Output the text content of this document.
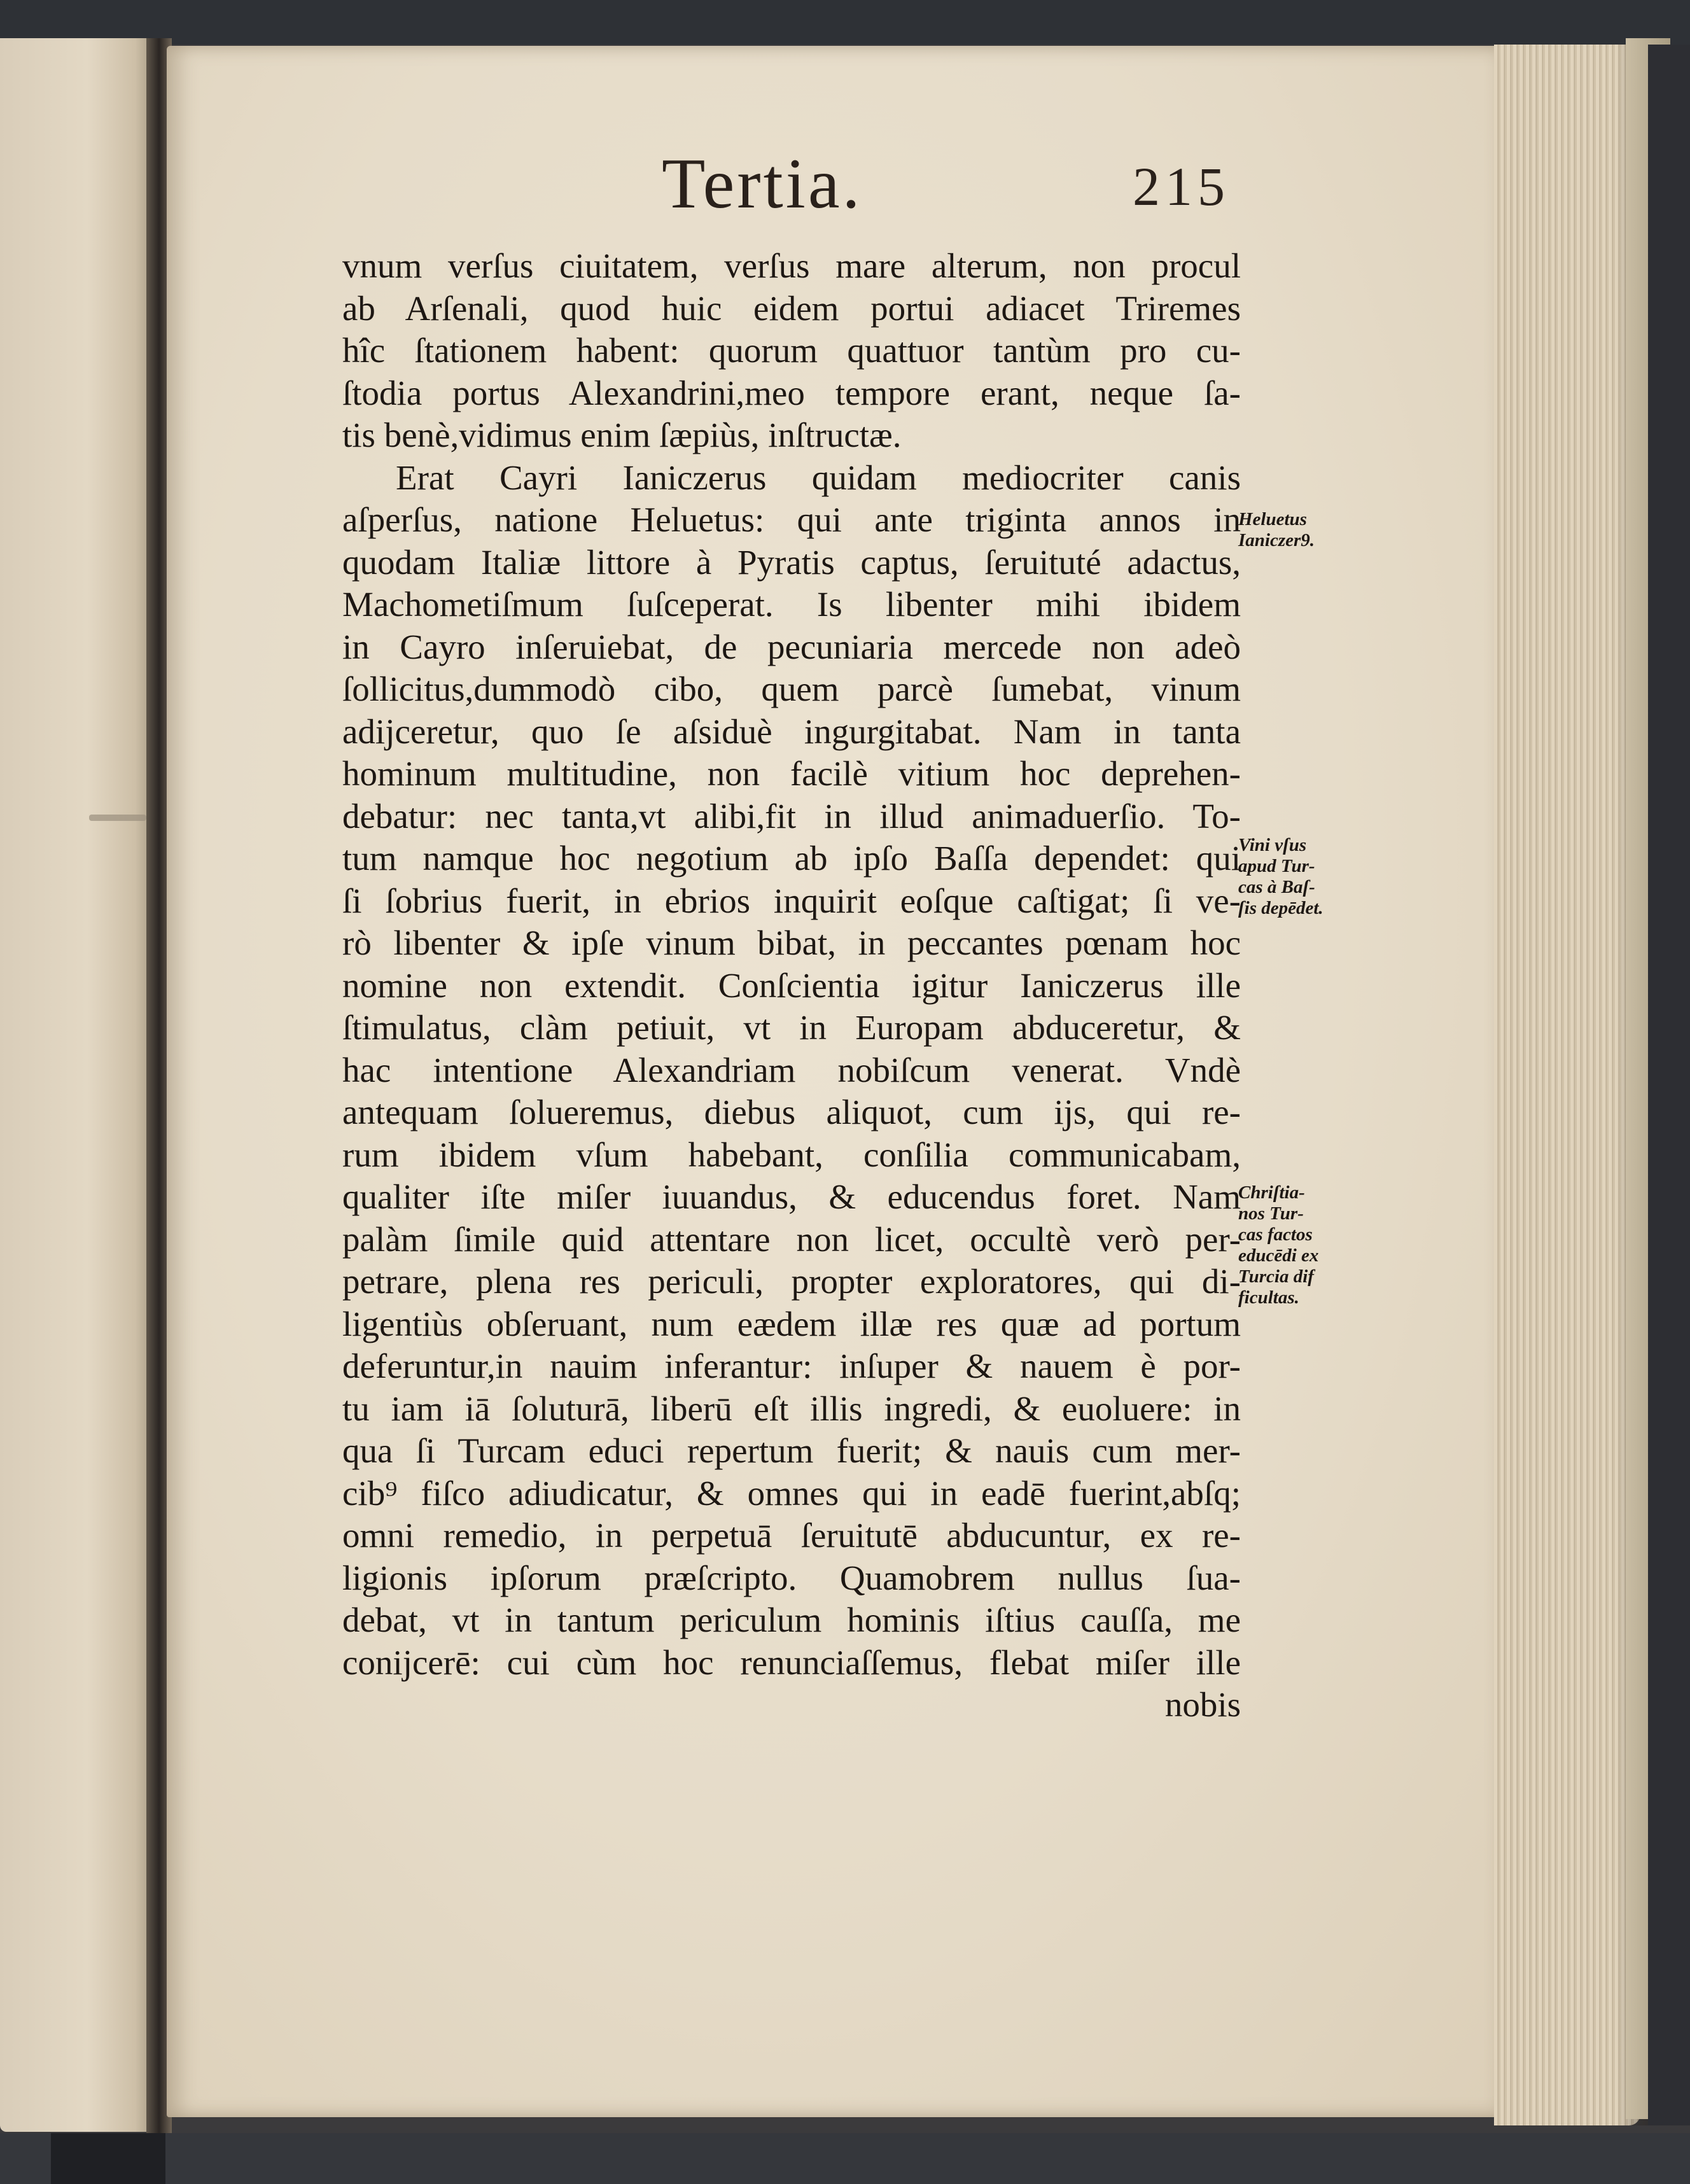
Tertia.	215
vnum verſus ciuitatem, verſus mare alterum, non procul
ab Arſenali, quod huic eidem portui adiacet Triremes
hîc ſtationem habent: quorum quattuor tantùm pro cu-
ſtodia portus Alexandrini,meo tempore erant, neque ſa-
tis benè,vidimus enim ſæpiùs, inſtructæ.
Erat Cayri Ianiczerus quidam mediocriter canis
aſperſus, natione Heluetus: qui ante triginta annos in
quodam Italiæ littore à Pyratis captus, ſeruituté adactus,
Machometiſmum ſuſceperat. Is libenter mihi ibidem
in Cayro inſeruiebat, de pecuniaria mercede non adeò
ſollicitus,dummodò cibo, quem parcè ſumebat, vinum
adijceretur, quo ſe aſsiduè ingurgitabat. Nam in tanta
hominum multitudine, non facilè vitium hoc deprehen-
debatur: nec tanta,vt alibi,fit in illud animaduerſio. To-
tum namque hoc negotium ab ipſo Baſſa dependet: qui
ſi ſobrius fuerit, in ebrios inquirit eoſque caſtigat; ſi ve-
rò libenter & ipſe vinum bibat, in peccantes pœnam hoc
nomine non extendit. Conſcientia igitur Ianiczerus ille
ſtimulatus, clàm petiuit, vt in Europam abduceretur, &
hac intentione Alexandriam nobiſcum venerat. Vndè
antequam ſolueremus, diebus aliquot, cum ijs, qui re-
rum ibidem vſum habebant, conſilia communicabam,
qualiter iſte miſer iuuandus, & educendus foret. Nam
palàm ſimile quid attentare non licet, occultè verò per-
petrare, plena res periculi, propter exploratores, qui di-
ligentiùs obſeruant, num eædem illæ res quæ ad portum
deferuntur,in nauim inferantur: inſuper & nauem è por-
tu iam iā ſoluturā, liberū eſt illis ingredi, & euoluere: in
qua ſi Turcam educi repertum fuerit; & nauis cum mer-
cib⁹ fiſco adiudicatur, & omnes qui in eadē fuerint,abſq;
omni remedio, in perpetuā ſeruitutē abducuntur, ex re-
ligionis ipſorum præſcripto. Quamobrem nullus ſua-
debat, vt in tantum periculum hominis iſtius cauſſa, me
conijcerē: cui cùm hoc renunciaſſemus, flebat miſer ille
nobis
Heluetus
Ianiczer9.
Vini vſus
apud Tur-
cas à Baſ-
ſis depēdet.
Chriſtia-
nos Tur-
cas factos
educēdi ex
Turcia dif
ficultas.
